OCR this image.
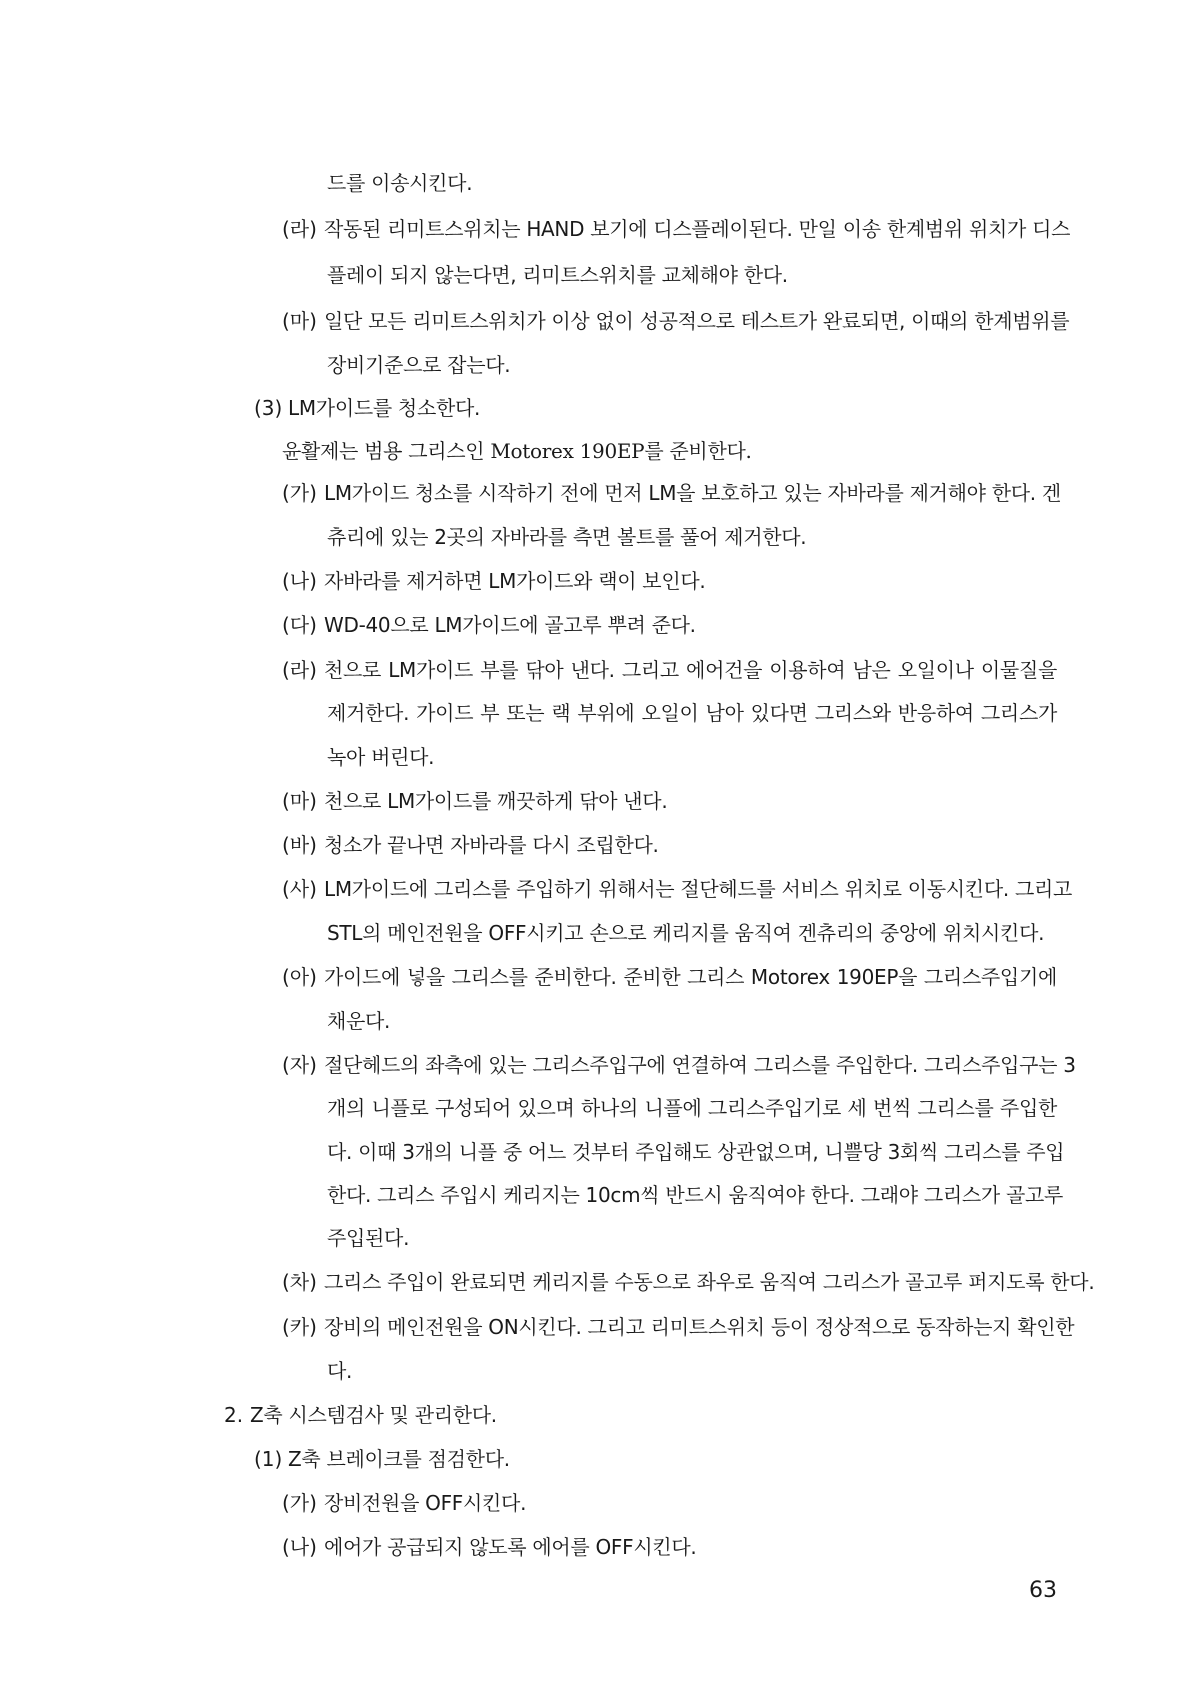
드를 이송시킨다.
(라) 작동된 리미트스위치는 HAND 보기에 디스플레이된다. 만일 이송 한계범위 위치가 디스
플레이 되지 않는다면, 리미트스위치를 교체해야 한다.
(마) 일단 모든 리미트스위치가 이상 없이 성공적으로 테스트가 완료되면, 이때의 한계범위를
장비기준으로 잡는다.
(3) LM가이드를 청소한다.
윤활제는 범용 그리스인 Motorex 190EP를 준비한다.
(가) LM가이드 청소를 시작하기 전에 먼저 LM을 보호하고 있는 자바라를 제거해야 한다. 겐
츄리에 있는 2곳의 자바라를 측면 볼트를 풀어 제거한다.
(나) 자바라를 제거하면 LM가이드와 랙이 보인다.
(다) WD-40으로 LM가이드에 골고루 뿌려 준다.
(라) 천으로 LM가이드 부를 닦아 낸다. 그리고 에어건을 이용하여 남은 오일이나 이물질을
제거한다. 가이드 부 또는 랙 부위에 오일이 남아 있다면 그리스와 반응하여 그리스가
녹아 버린다.
(마) 천으로 LM가이드를 깨끗하게 닦아 낸다.
(바) 청소가 끝나면 자바라를 다시 조립한다.
(사) LM가이드에 그리스를 주입하기 위해서는 절단헤드를 서비스 위치로 이동시킨다. 그리고
STL의 메인전원을 OFF시키고 손으로 케리지를 움직여 겐츄리의 중앙에 위치시킨다.
(아) 가이드에 넣을 그리스를 준비한다. 준비한 그리스 Motorex 190EP을 그리스주입기에
채운다.
(자) 절단헤드의 좌측에 있는 그리스주입구에 연결하여 그리스를 주입한다. 그리스주입구는 3
개의 니플로 구성되어 있으며 하나의 니플에 그리스주입기로 세 번씩 그리스를 주입한
다. 이때 3개의 니플 중 어느 것부터 주입해도 상관없으며, 니쁠당 3회씩 그리스를 주입
한다. 그리스 주입시 케리지는 10cm씩 반드시 움직여야 한다. 그래야 그리스가 골고루
주입된다.
(차) 그리스 주입이 완료되면 케리지를 수동으로 좌우로 움직여 그리스가 골고루 퍼지도록 한다.
(카) 장비의 메인전원을 ON시킨다. 그리고 리미트스위치 등이 정상적으로 동작하는지 확인한
다.
2. Z축 시스템검사 및 관리한다.
(1) Z축 브레이크를 점검한다.
(가) 장비전원을 OFF시킨다.
(나) 에어가 공급되지 않도록 에어를 OFF시킨다.
63
